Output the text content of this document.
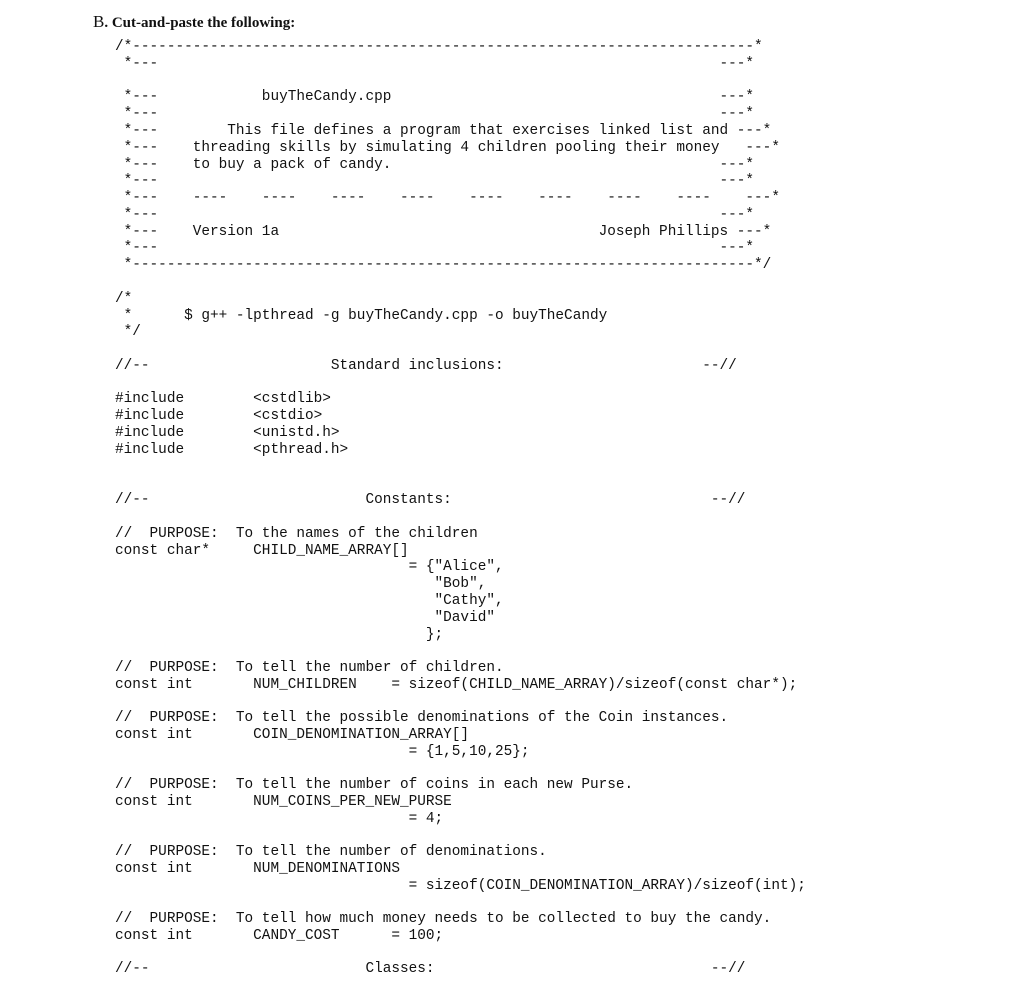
B. Cut-and-paste the following:
/*------------------------------------------------------------------------*
*---                                                                 ---*
*---            buyTheCandy.cpp                                      ---*
*---                                                                 ---*
*---        This file defines a program that exercises linked list and ---*
*---    threading skills by simulating 4 children pooling their money   ---*
*---    to buy a pack of candy.                                      ---*
*---                                                                 ---*
*---    ----    ----    ----    ----    ----    ----    ----    ----    ---*
*---                                                                 ---*
*---    Version 1a                                     Joseph Phillips ---*
*---                                                                 ---*
*------------------------------------------------------------------------*/
/*
*      $ g++ -lpthread -g buyTheCandy.cpp -o buyTheCandy
*/
//--                     Standard inclusions:                       --//
#include        <cstdlib>
#include        <cstdio>
#include        <unistd.h>
#include        <pthread.h>
//--                         Constants:                              --//
//  PURPOSE:  To the names of the children
const char*     CHILD_NAME_ARRAY[]
= {"Alice",
"Bob",
"Cathy",
"David"
};
//  PURPOSE:  To tell the number of children.
const int       NUM_CHILDREN    = sizeof(CHILD_NAME_ARRAY)/sizeof(const char*);
//  PURPOSE:  To tell the possible denominations of the Coin instances.
const int       COIN_DENOMINATION_ARRAY[]
= {1,5,10,25};
//  PURPOSE:  To tell the number of coins in each new Purse.
const int       NUM_COINS_PER_NEW_PURSE
= 4;
//  PURPOSE:  To tell the number of denominations.
const int       NUM_DENOMINATIONS
= sizeof(COIN_DENOMINATION_ARRAY)/sizeof(int);
//  PURPOSE:  To tell how much money needs to be collected to buy the candy.
const int       CANDY_COST      = 100;
//--                         Classes:                                --//
